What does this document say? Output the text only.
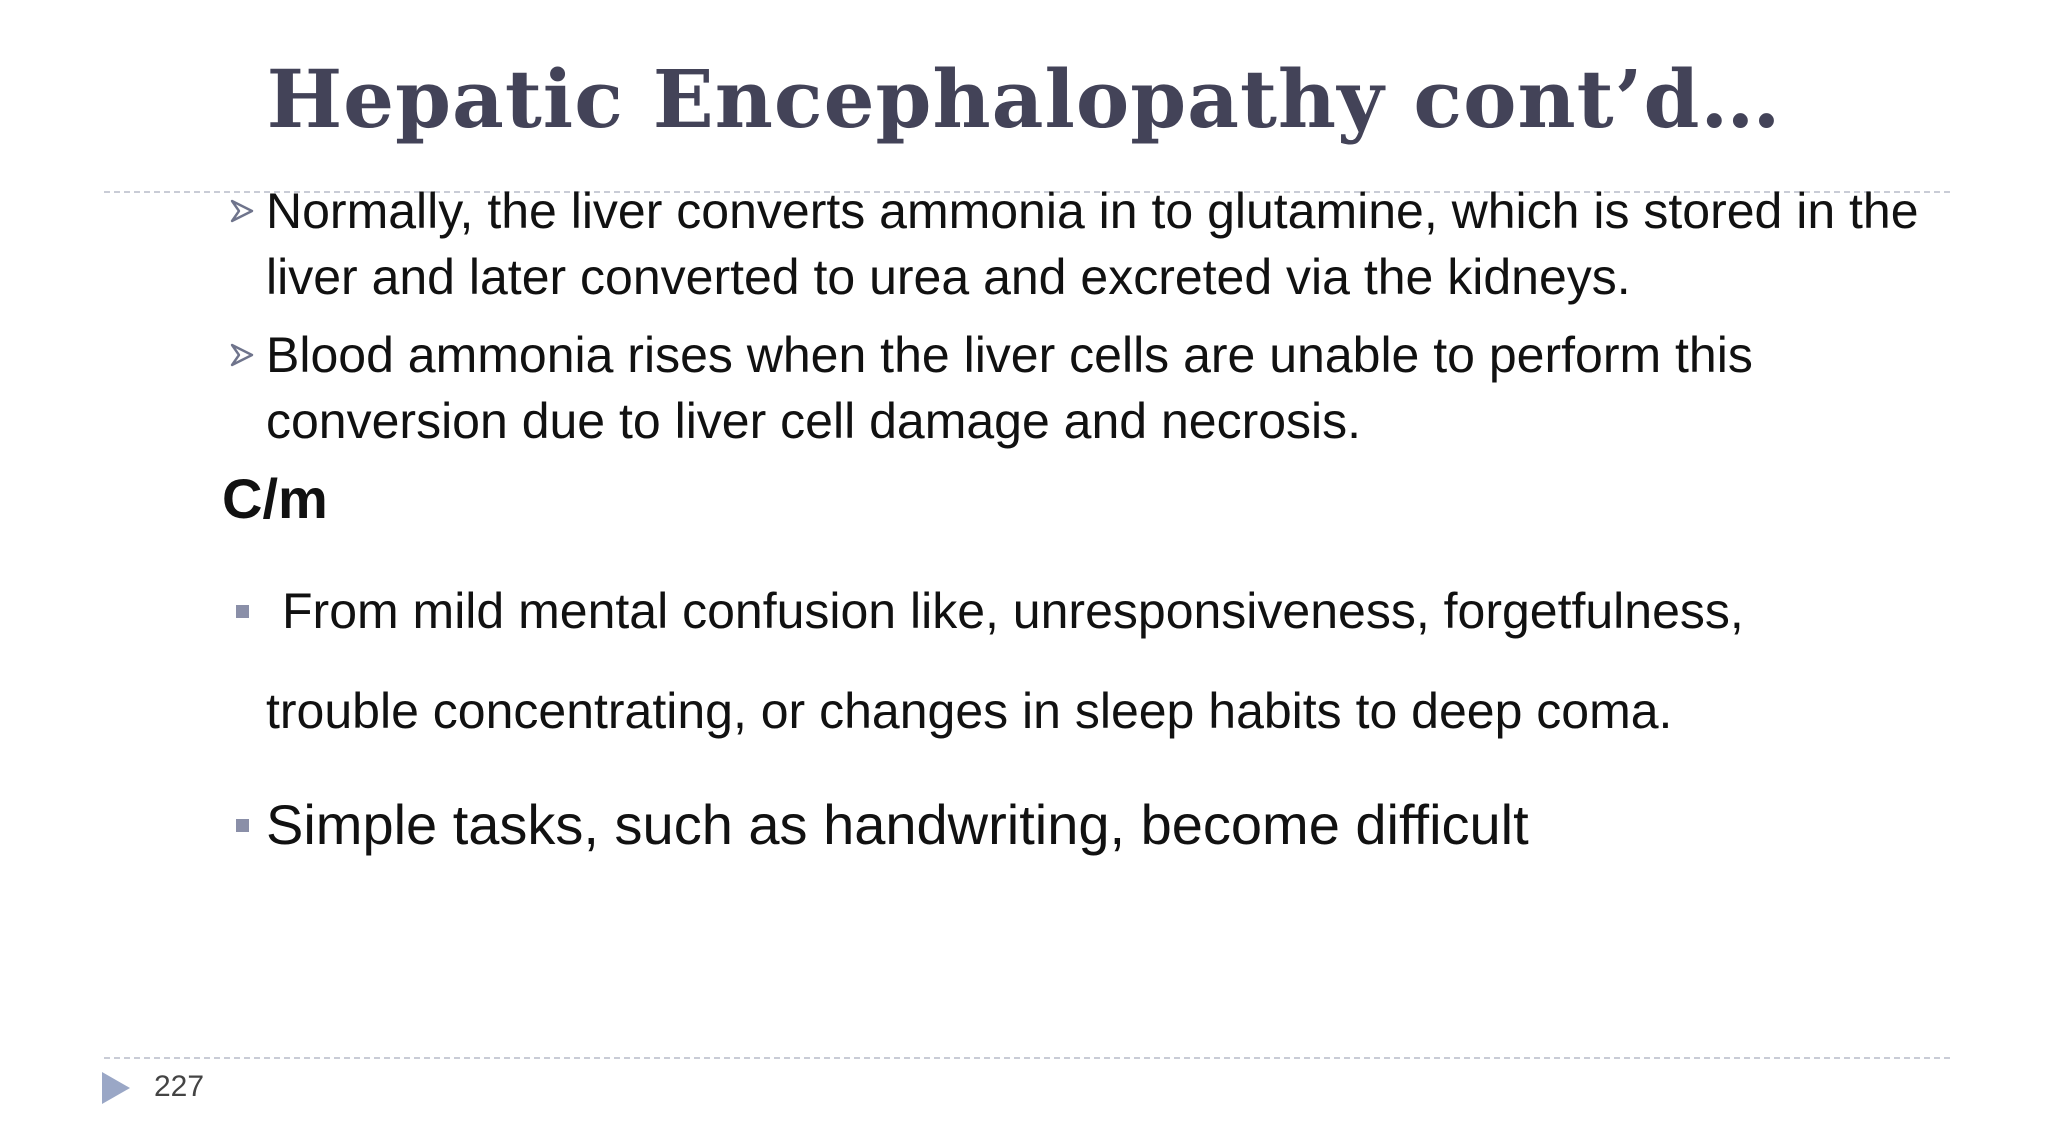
Hepatic Encephalopathy cont’d…
Normally, the liver converts ammonia in to glutamine, which is stored in the liver and later converted to urea and excreted via the kidneys.
Blood ammonia rises when the liver cells are unable to perform this conversion due to liver cell damage and necrosis.
C/m
From mild mental confusion like, unresponsiveness, forgetfulness,
trouble concentrating, or changes in sleep habits to deep coma.
Simple tasks, such as handwriting, become difficult
227
